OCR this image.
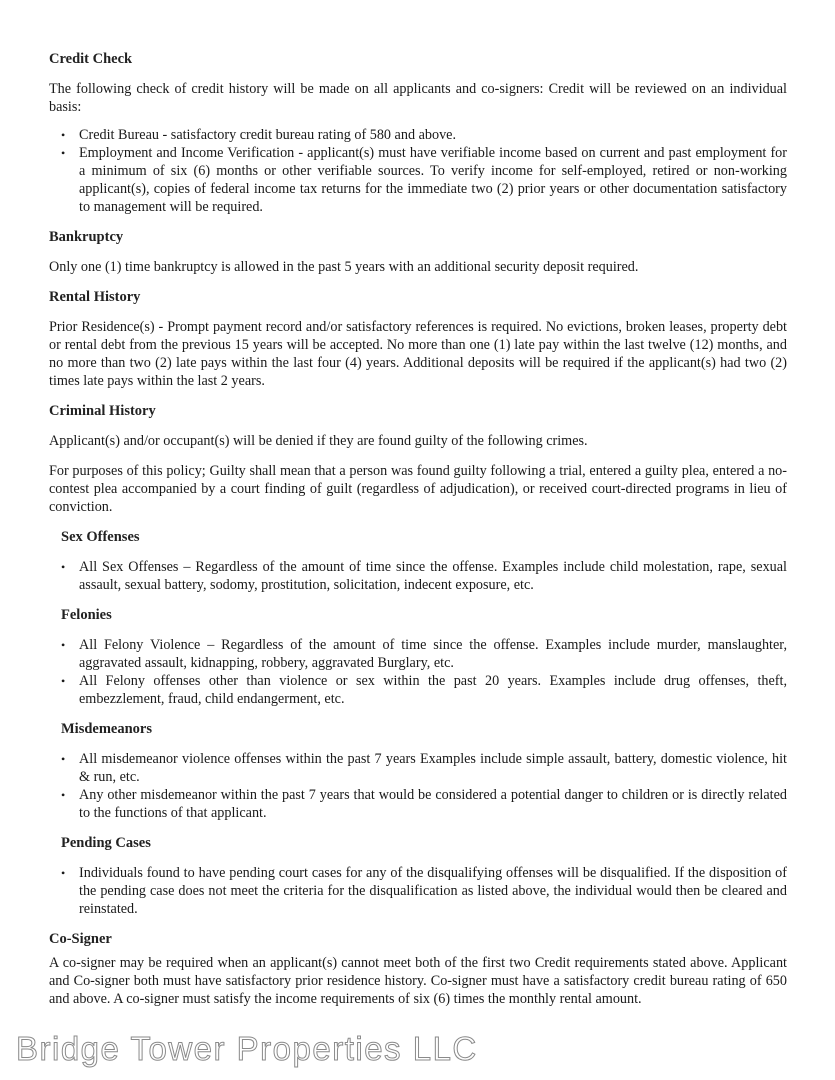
Credit Check

The following check of credit history will be made on all applicants and co-signers: Credit will be reviewed on an individual basis:

• Credit Bureau - satisfactory credit bureau rating of 580 and above.
• Employment and Income Verification - applicant(s) must have verifiable income based on current and past employment for a minimum of six (6) months or other verifiable sources. To verify income for self-employed, retired or non-working applicant(s), copies of federal income tax returns for the immediate two (2) prior years or other documentation satisfactory to management will be required.
Bankruptcy

Only one (1) time bankruptcy is allowed in the past 5 years with an additional security deposit required.

Rental History

Prior Residence(s) - Prompt payment record and/or satisfactory references is required. No evictions, broken leases, property debt or rental debt from the previous 15 years will be accepted. No more than one (1) late pay within the last twelve (12) months, and no more than two (2) late pays within the last four (4) years. Additional deposits will be required if the applicant(s) had two (2) times late pays within the last 2 years.

Criminal History

Applicant(s) and/or occupant(s) will be denied if they are found guilty of the following crimes.

For purposes of this policy; Guilty shall mean that a person was found guilty following a trial, entered a guilty plea, entered a no-contest plea accompanied by a court finding of guilt (regardless of adjudication), or received court-directed programs in lieu of conviction.

Sex Offenses
• All Sex Offenses – Regardless of the amount of time since the offense. Examples include child molestation, rape, sexual assault, sexual battery, sodomy, prostitution, solicitation, indecent exposure, etc.
Felonies
• All Felony Violence – Regardless of the amount of time since the offense. Examples include murder, manslaughter, aggravated assault, kidnapping, robbery, aggravated Burglary, etc.
• All Felony offenses other than violence or sex within the past 20 years. Examples include drug offenses, theft, embezzlement, fraud, child endangerment, etc.
Misdemeanors
• All misdemeanor violence offenses within the past 7 years Examples include simple assault, battery, domestic violence, hit & run, etc.
• Any other misdemeanor within the past 7 years that would be considered a potential danger to children or is directly related to the functions of that applicant.
Pending Cases
• Individuals found to have pending court cases for any of the disqualifying offenses will be disqualified. If the disposition of the pending case does not meet the criteria for the disqualification as listed above, the individual would then be cleared and reinstated.
Co-Signer

A co-signer may be required when an applicant(s) cannot meet both of the first two Credit requirements stated above. Applicant and Co-signer both must have satisfactory prior residence history. Co-signer must have a satisfactory credit bureau rating of 650 and above. A co-signer must satisfy the income requirements of six (6) times the monthly rental amount.

Bridge Tower Properties LLC
